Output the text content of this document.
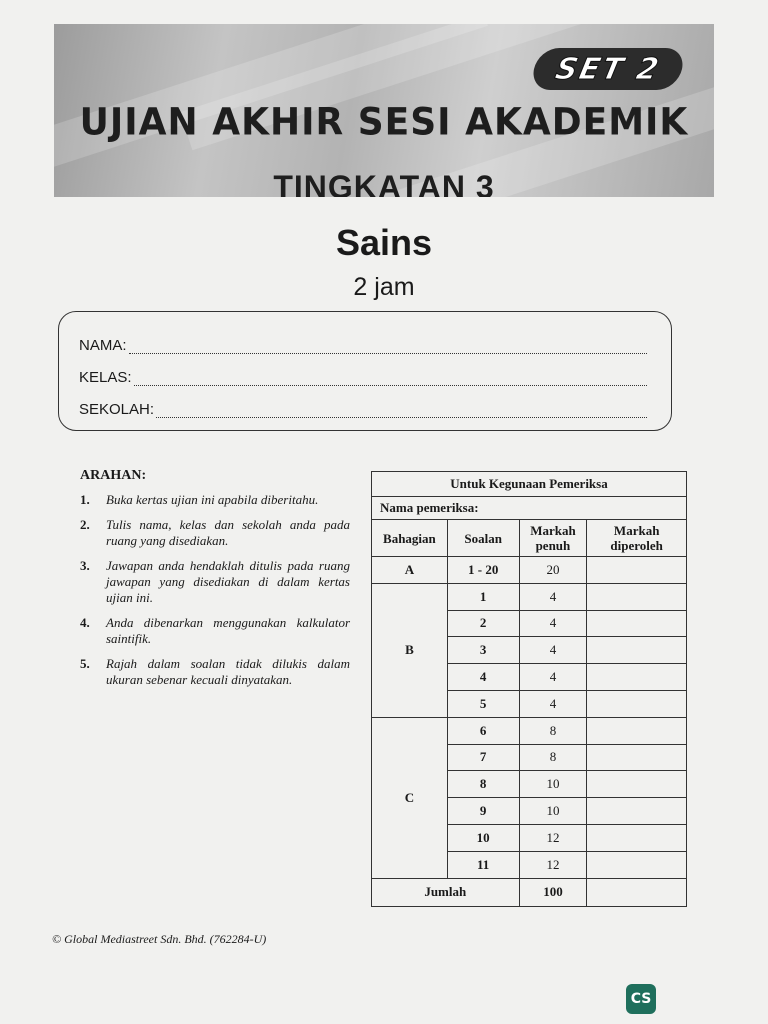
SET 2
UJIAN AKHIR SESI AKADEMIK
TINGKATAN 3
Sains
2 jam
NAMA:
KELAS:
SEKOLAH:
ARAHAN:
1.	Buka kertas ujian ini apabila diberitahu.
2.	Tulis nama, kelas dan sekolah anda pada ruang yang disediakan.
3.	Jawapan anda hendaklah ditulis pada ruang jawapan yang disediakan di dalam kertas ujian ini.
4.	Anda dibenarkan menggunakan kalkulator saintifik.
5.	Rajah dalam soalan tidak dilukis dalam ukuran sebenar kecuali dinyatakan.
Untuk Kegunaan Pemeriksa			
Nama pemeriksa:			
Bahagian	Soalan	Markah penuh	Markah diperoleh
A	1 - 20	20	
B	1	4	
	2	4	
	3	4	
	4	4	
	5	4	
C	6	8	
	7	8	
	8	10	
	9	10	
	10	12	
	11	12	
Jumlah		100	
© Global Mediastreet Sdn. Bhd. (762284-U)
CS
